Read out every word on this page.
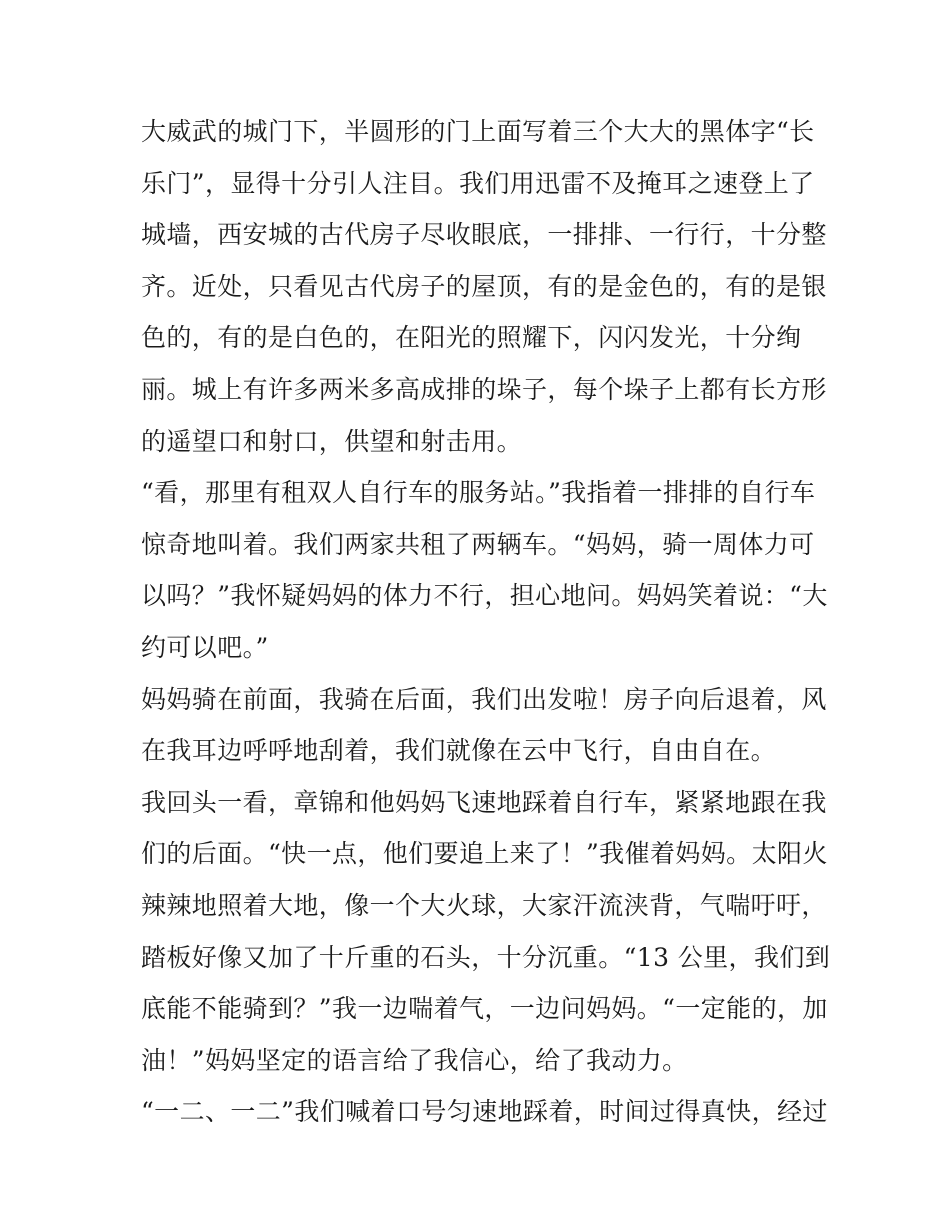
大威武的城门下，半圆形的门上面写着三个大大的黑体字“长
乐门”，显得十分引人注目。我们用迅雷不及掩耳之速登上了
城墙，西安城的古代房子尽收眼底，一排排、一行行，十分整
齐。近处，只看见古代房子的屋顶，有的是金色的，有的是银
色的，有的是白色的，在阳光的照耀下，闪闪发光，十分绚
丽。城上有许多两米多高成排的垛子，每个垛子上都有长方形
的遥望口和射口，供望和射击用。
“看，那里有租双人自行车的服务站。”我指着一排排的自行车
惊奇地叫着。我们两家共租了两辆车。“妈妈，骑一周体力可
以吗？”我怀疑妈妈的体力不行，担心地问。妈妈笑着说：“大
约可以吧。”
妈妈骑在前面，我骑在后面，我们出发啦！房子向后退着，风
在我耳边呼呼地刮着，我们就像在云中飞行，自由自在。
我回头一看，章锦和他妈妈飞速地踩着自行车，紧紧地跟在我
们的后面。“快一点，他们要追上来了！”我催着妈妈。太阳火
辣辣地照着大地，像一个大火球，大家汗流浃背，气喘吁吁，
踏板好像又加了十斤重的石头，十分沉重。“13 公里，我们到
底能不能骑到？”我一边喘着气，一边问妈妈。“一定能的，加
油！”妈妈坚定的语言给了我信心，给了我动力。
“一二、一二”我们喊着口号匀速地踩着，时间过得真快，经过
